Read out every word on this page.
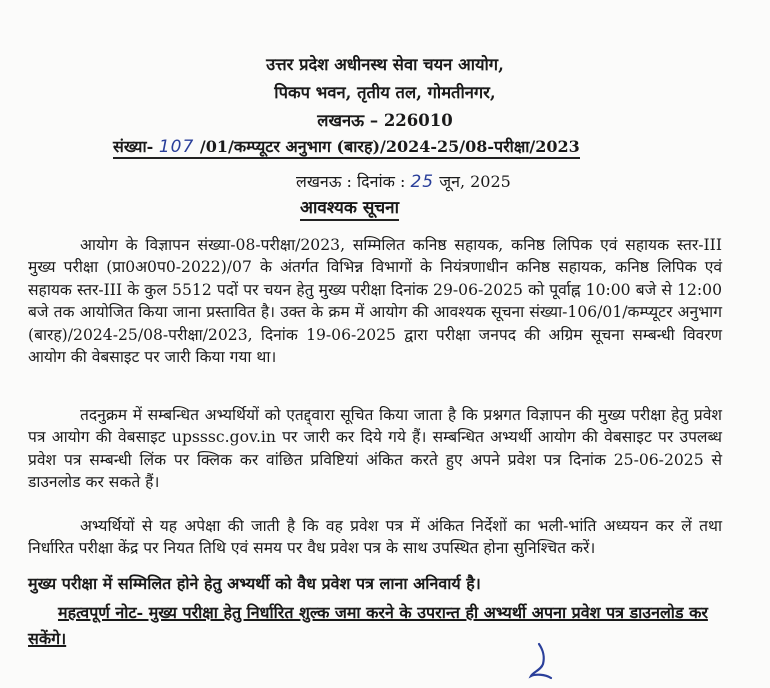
उत्तर प्रदेश अधीनस्थ सेवा चयन आयोग,
पिकप भवन, तृतीय तल, गोमतीनगर,
लखनऊ – 226010
संख्या- 107 /01/कम्प्यूटर अनुभाग (बारह)/2024-25/08-परीक्षा/2023
लखनऊ : दिनांक : 25 जून, 2025
आवश्यक सूचना

आयोग के विज्ञापन संख्या-08-परीक्षा/2023, सम्मिलित कनिष्ठ सहायक, कनिष्ठ लिपिक एवं सहायक स्तर-III मुख्य परीक्षा (प्रा0अ0प0-2022)/07 के अंतर्गत विभिन्न विभागों के नियंत्रणाधीन कनिष्ठ सहायक, कनिष्ठ लिपिक एवं सहायक स्तर-III के कुल 5512 पदों पर चयन हेतु मुख्य परीक्षा दिनांक 29-06-2025 को पूर्वाह्न 10:00 बजे से 12:00 बजे तक आयोजित किया जाना प्रस्तावित है। उक्त के क्रम में आयोग की आवश्यक सूचना संख्या-106/01/कम्प्यूटर अनुभाग (बारह)/2024-25/08-परीक्षा/2023, दिनांक 19-06-2025 द्वारा परीक्षा जनपद की अग्रिम सूचना सम्बन्धी विवरण आयोग की वेबसाइट पर जारी किया गया था।

तदनुक्रम में सम्बन्धित अभ्यर्थियों को एतद्द्वारा सूचित किया जाता है कि प्रश्नगत विज्ञापन की मुख्य परीक्षा हेतु प्रवेश पत्र आयोग की वेबसाइट upsssc.gov.in पर जारी कर दिये गये हैं। सम्बन्धित अभ्यर्थी आयोग की वेबसाइट पर उपलब्ध प्रवेश पत्र सम्बन्धी लिंक पर क्लिक कर वांछित प्रविष्टियां अंकित करते हुए अपने प्रवेश पत्र दिनांक 25-06-2025 से डाउनलोड कर सकते हैं।

अभ्यर्थियों से यह अपेक्षा की जाती है कि वह प्रवेश पत्र में अंकित निर्देशों का भली-भांति अध्ययन कर लें तथा निर्धारित परीक्षा केंद्र पर नियत तिथि एवं समय पर वैध प्रवेश पत्र के साथ उपस्थित होना सुनिश्चित करें।

मुख्य परीक्षा में सम्मिलित होने हेतु अभ्यर्थी को वैध प्रवेश पत्र लाना अनिवार्य है।

महत्वपूर्ण नोट- मुख्य परीक्षा हेतु निर्धारित शुल्क जमा करने के उपरान्त ही अभ्यर्थी अपना प्रवेश पत्र डाउनलोड कर सकेंगे।
